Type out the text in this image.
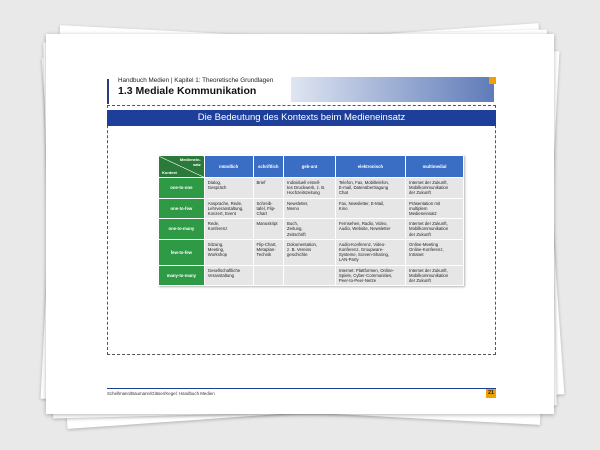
Handbuch Medien | Kapitel 1: Theoretische Grundlagen
1.3 Mediale Kommunikation
Die Bedeutung des Kontexts beim Medieneinsatz
Medienein-
satz
Kontext	mündlich	schriftlich	geb-unt	elektronisch	multimedial
one-to-one	Dialog,
Gespräch	Brief	Individuell erstell-
tes Druckwerk, z. B.
Hochzeitszeitung	Telefon, Fax, Mobiltelefon,
E-mail, Datenübertragung
Chat	Internet der Zukunft,
Mobilkommunikation
der Zukunft
one-to-few	Ansprache, Rede,
Lehrveranstaltung,
Konzert, Event	Schreib-
tafel, Flip-
Chart	Newsletter,
Memo	Fax, Newsletter, E-Mail,
Kino	Präsentation mit
multiplem
Medieneinsatz
one-to-many	Rede,
Konferenz	Manuskript	Buch,
Zeitung,
Zeitschrift	Fernsehen, Radio, Video,
Audio, Website, Newsletter	Internet der Zukunft,
Mobilkommunikation
der Zukunft
few-to-few	Sitzung,
Meeting,
Workshop	Flip-Chart,
Metaplan-
Technik	Dokumentation,
z. B. Vereins
geschichte	Audio-Konferenz, Video-
Konferenz, Groupware-
Systeme, Screen-Sharing,
LAN-Party	Online-Meeting
Online-Konferenz,
Intranet
many-to-many	Gesellschaftliche
Veranstaltung			Internet: Plattformen, Online-
Spiele, Cyber-Communities,
Peer-to-Peer-Netze	Internet der Zukunft,
Mobilkommunikation
der Zukunft
Schellmann/Baumann/Gläser/Kegel: Handbuch Medien	21
